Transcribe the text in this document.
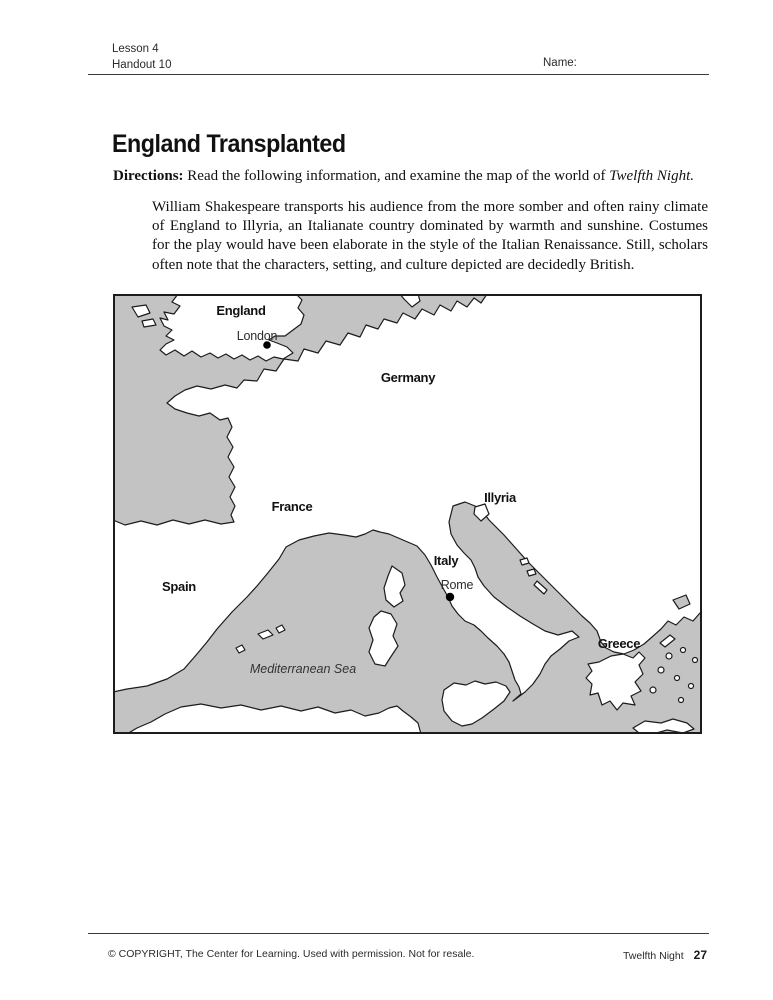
Lesson 4
Handout 10	Name:
England Transplanted
Directions: Read the following information, and examine the map of the world of Twelfth Night.
William Shakespeare transports his audience from the more somber and often rainy climate of England to Illyria, an Italianate country dominated by warmth and sunshine. Costumes for the play would have been elaborate in the style of the Italian Renaissance. Still, scholars often note that the characters, setting, and culture depicted are decidedly British.
England
London
Germany
France
Illyria
Italy
Rome
Spain
Greece
Mediterranean Sea
© COPYRIGHT, The Center for Learning. Used with permission. Not for resale.	Twelfth Night 27
